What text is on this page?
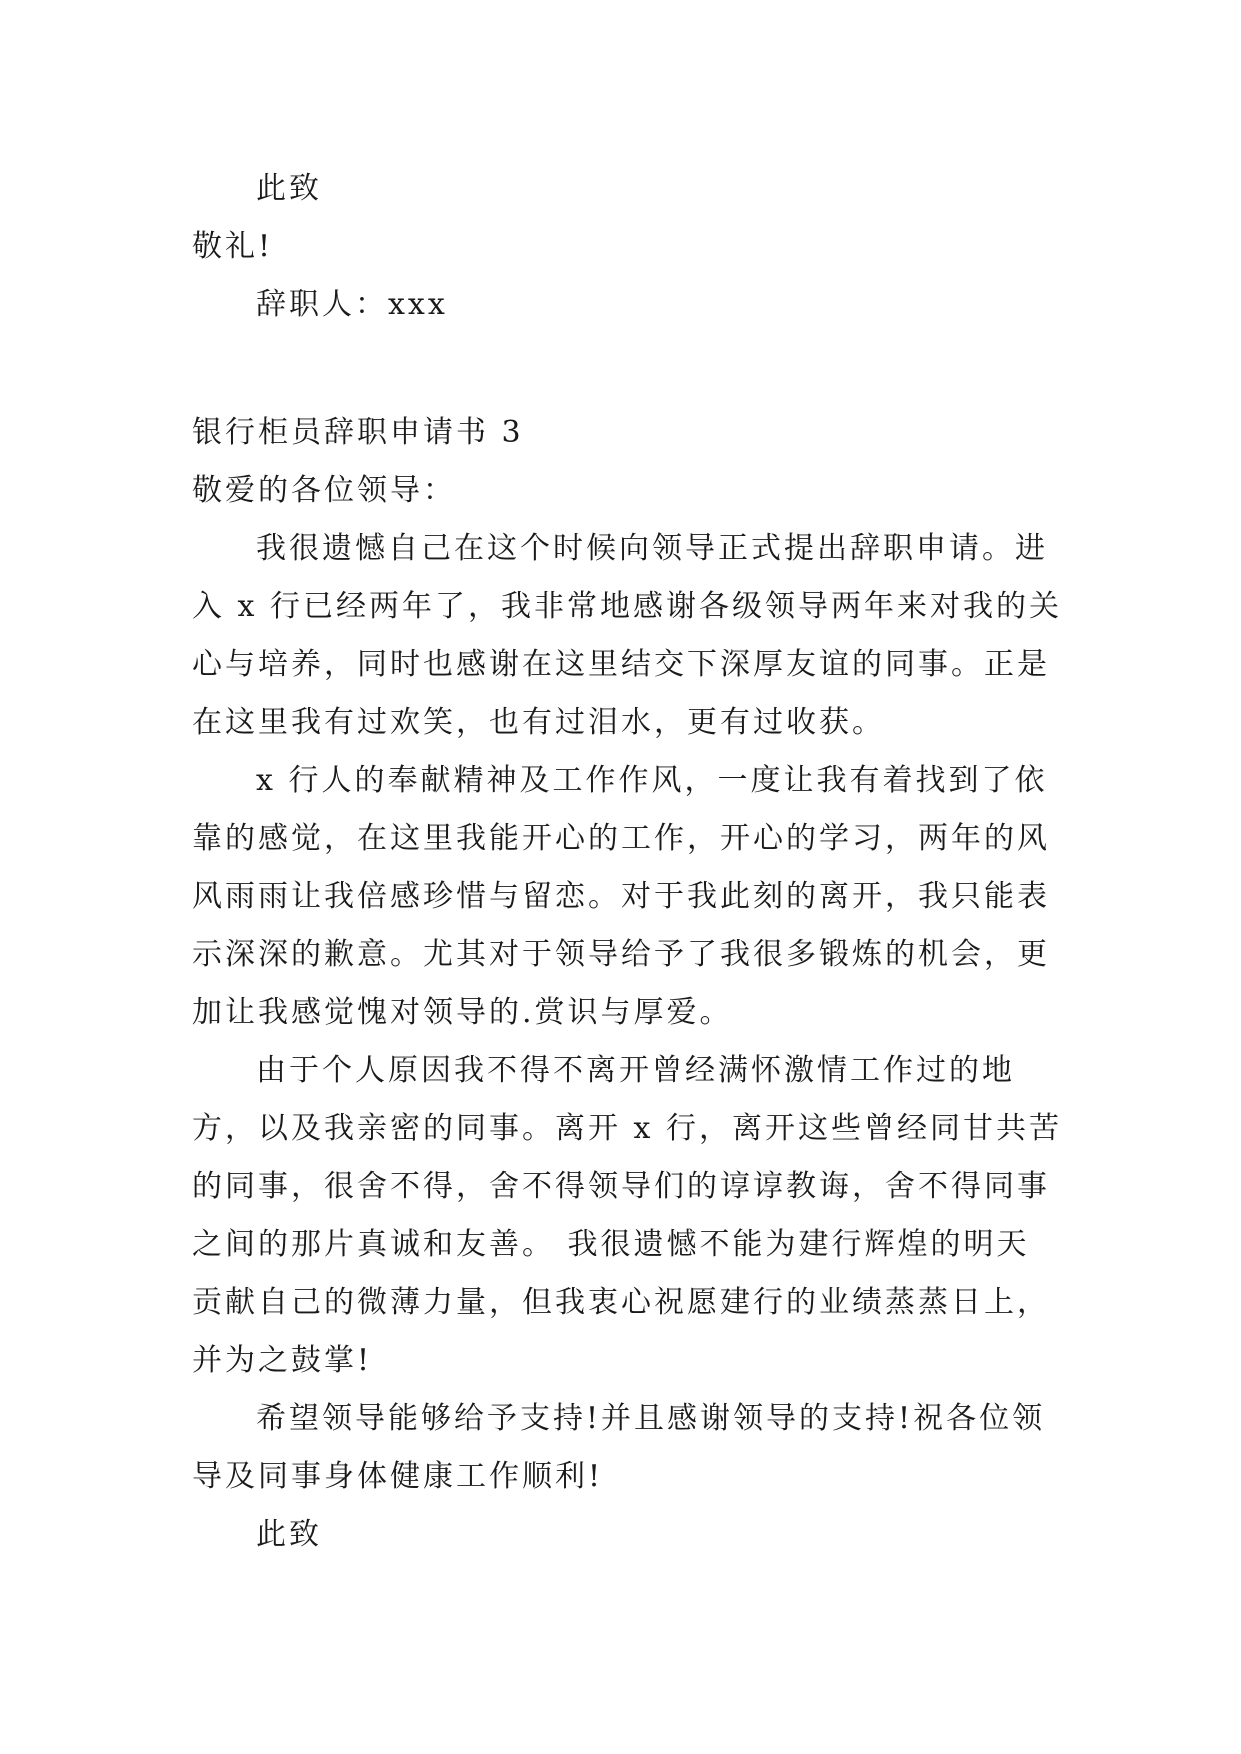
此致
敬礼!
辞职人：xxx
银行柜员辞职申请书 3
敬爱的各位领导：
我很遗憾自己在这个时候向领导正式提出辞职申请。进
入 x 行已经两年了，我非常地感谢各级领导两年来对我的关
心与培养，同时也感谢在这里结交下深厚友谊的同事。正是
在这里我有过欢笑，也有过泪水，更有过收获。
x 行人的奉献精神及工作作风，一度让我有着找到了依
靠的感觉，在这里我能开心的工作，开心的学习，两年的风
风雨雨让我倍感珍惜与留恋。对于我此刻的离开，我只能表
示深深的歉意。尤其对于领导给予了我很多锻炼的机会，更
加让我感觉愧对领导的.赏识与厚爱。
由于个人原因我不得不离开曾经满怀激情工作过的地
方，以及我亲密的同事。离开 x 行，离开这些曾经同甘共苦
的同事，很舍不得，舍不得领导们的谆谆教诲，舍不得同事
之间的那片真诚和友善。 我很遗憾不能为建行辉煌的明天
贡献自己的微薄力量，但我衷心祝愿建行的业绩蒸蒸日上，
并为之鼓掌!
希望领导能够给予支持!并且感谢领导的支持!祝各位领
导及同事身体健康工作顺利!
此致
